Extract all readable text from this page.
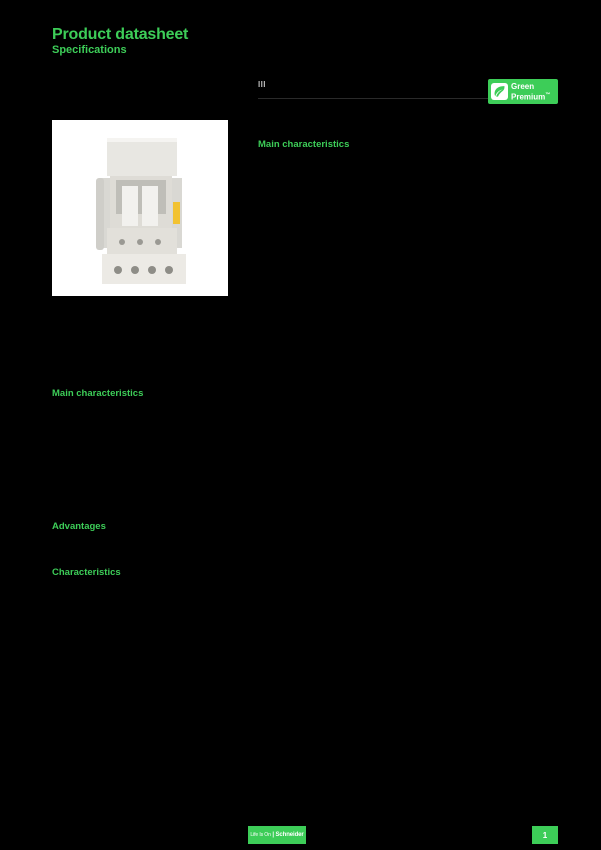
Product datasheet
Specifications
III	Green
Premium™
Main characteristics
Main characteristics
Advantages
Characteristics
Life Is On | Schneider	1
